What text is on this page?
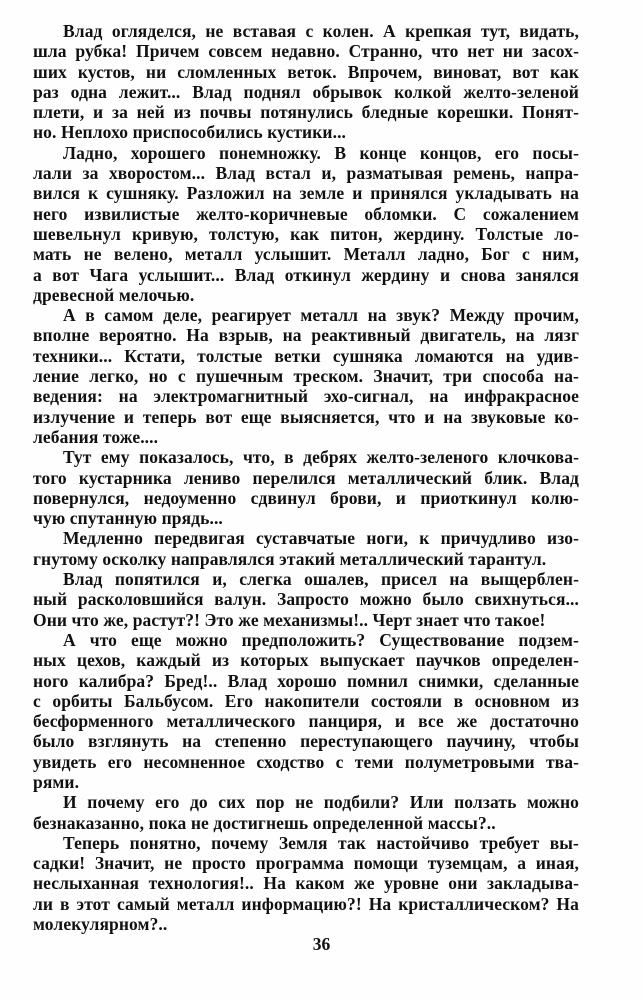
Влад огляделся, не вставая с колен. А крепкая тут, видать,
шла рубка! Причем совсем недавно. Странно, что нет ни засох-
ших кустов, ни сломленных веток. Впрочем, виноват, вот как
раз одна лежит... Влад поднял обрывок колкой желто-зеленой
плети, и за ней из почвы потянулись бледные корешки. Понят-
но. Неплохо приспособились кустики...
Ладно, хорошего понемножку. В конце концов, его посы-
лали за хворостом... Влад встал и, разматывая ремень, напра-
вился к сушняку. Разложил на земле и принялся укладывать на
него извилистые желто-коричневые обломки. С сожалением
шевельнул кривую, толстую, как питон, жердину. Толстые ло-
мать не велено, металл услышит. Металл ладно, Бог с ним,
а вот Чага услышит... Влад откинул жердину и снова занялся
древесной мелочью.
А в самом деле, реагирует металл на звук? Между прочим,
вполне вероятно. На взрыв, на реактивный двигатель, на лязг
техники... Кстати, толстые ветки сушняка ломаются на удив-
ление легко, но с пушечным треском. Значит, три способа на-
ведения: на электромагнитный эхо-сигнал, на инфракрасное
излучение и теперь вот еще выясняется, что и на звуковые ко-
лебания тоже....
Тут ему показалось, что, в дебрях желто-зеленого клочкова-
того кустарника лениво перелился металлический блик. Влад
повернулся, недоуменно сдвинул брови, и приоткинул колю-
чую спутанную прядь...
Медленно передвигая суставчатые ноги, к причудливо изо-
гнутому осколку направлялся этакий металлический тарантул.
Влад попятился и, слегка ошалев, присел на выщерблен-
ный расколовшийся валун. Запросто можно было свихнуться...
Они что же, растут?! Это же механизмы!.. Черт знает что такое!
А что еще можно предположить? Существование подзем-
ных цехов, каждый из которых выпускает паучков определен-
ного калибра? Бред!.. Влад хорошо помнил снимки, сделанные
с орбиты Бальбусом. Его накопители состояли в основном из
бесформенного металлического панциря, и все же достаточно
было взглянуть на степенно переступающего паучину, чтобы
увидеть его несомненное сходство с теми полуметровыми тва-
рями.
И почему его до сих пор не подбили? Или ползать можно
безнаказанно, пока не достигнешь определенной массы?..
Теперь понятно, почему Земля так настойчиво требует вы-
садки! Значит, не просто программа помощи туземцам, а иная,
неслыханная технология!.. На каком же уровне они закладыва-
ли в этот самый металл информацию?! На кристаллическом? На
молекулярном?..
36
